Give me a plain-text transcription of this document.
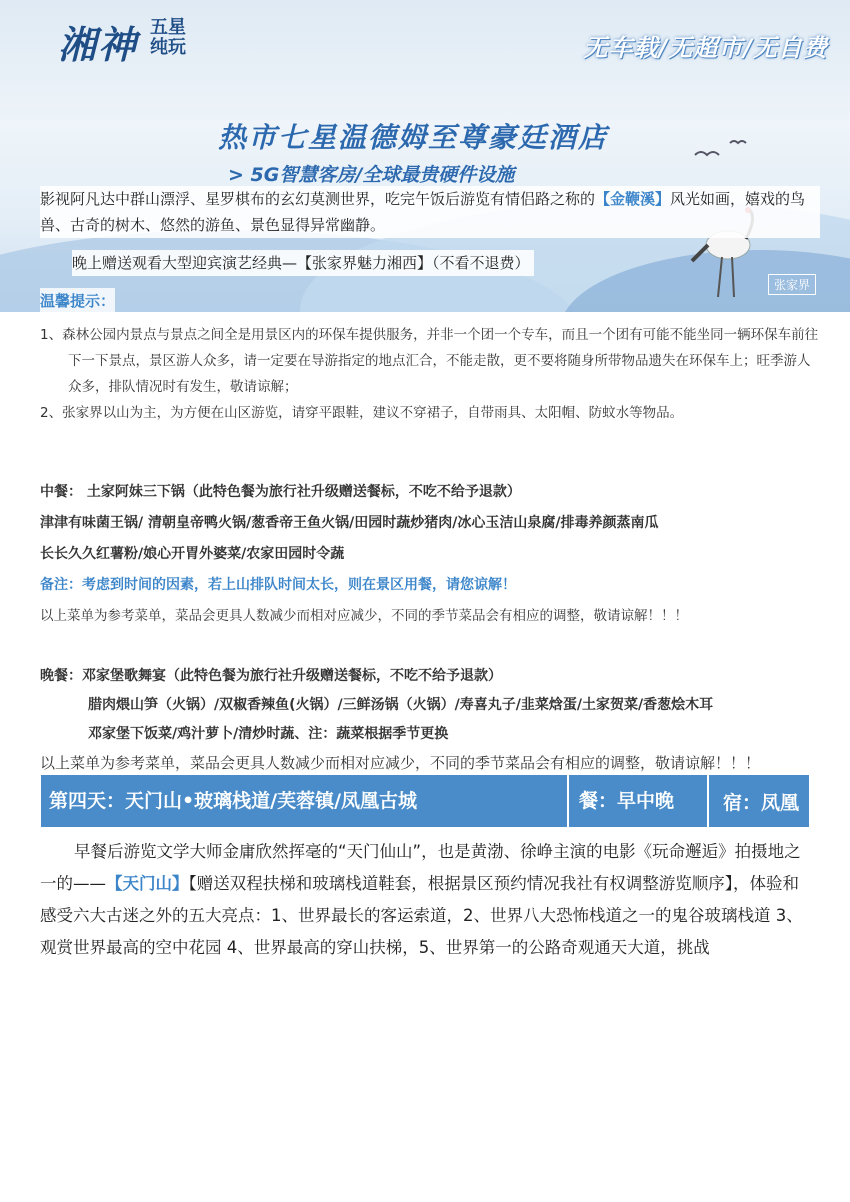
湘神 五星纯玩	无车载/无超市/无自费
热市七星温德姆至尊豪廷酒店
> 5G智慧客房/全球最贵硬件设施
张家界
影视阿凡达中群山漂浮、星罗棋布的玄幻莫测世界，吃完午饭后游览有情侣路之称的【金鞭溪】风光如画，嬉戏的鸟兽、古奇的树木、悠然的游鱼、景色显得异常幽静。
晚上赠送观看大型迎宾演艺经典—【张家界魅力湘西】（不看不退费）
温馨提示：
1、森林公园内景点与景点之间全是用景区内的环保车提供服务，并非一个团一个专车，而且一个团有可能不能坐同一辆环保车前往下一下景点，景区游人众多，请一定要在导游指定的地点汇合，不能走散，更不要将随身所带物品遗失在环保车上；旺季游人众多，排队情况时有发生，敬请谅解；
2、张家界以山为主，为方便在山区游览，请穿平跟鞋，建议不穿裙子，自带雨具、太阳帽、防蚊水等物品。
中餐： 土家阿妹三下锅（此特色餐为旅行社升级赠送餐标，不吃不给予退款）
津津有味菌王锅/ 清朝皇帝鸭火锅/葱香帝王鱼火锅/田园时蔬炒猪肉/冰心玉洁山泉腐/排毒养颜蒸南瓜
长长久久红薯粉/娘心开胃外婆菜/农家田园时令蔬
备注：考虑到时间的因素，若上山排队时间太长，则在景区用餐，请您谅解！
以上菜单为参考菜单，菜品会更具人数减少而相对应减少，不同的季节菜品会有相应的调整，敬请谅解！！！
晚餐：邓家堡歌舞宴（此特色餐为旅行社升级赠送餐标，不吃不给予退款）
腊肉煨山笋（火锅）/双椒香辣鱼(火锅）/三鲜汤锅（火锅）/寿喜丸子/韭菜焓蛋/土家贺菜/香葱烩木耳
邓家堡下饭菜/鸡汁萝卜/清炒时蔬、注：蔬菜根据季节更换
以上菜单为参考菜单，菜品会更具人数减少而相对应减少，不同的季节菜品会有相应的调整，敬请谅解！！！
第四天：天门山•玻璃栈道/芙蓉镇/凤凰古城	餐：早中晚	宿：凤凰
早餐后游览文学大师金庸欣然挥毫的“天门仙山”，也是黄渤、徐峥主演的电影《玩命邂逅》拍摄地之一的——【天门山】【赠送双程扶梯和玻璃栈道鞋套，根据景区预约情况我社有权调整游览顺序】，体验和感受六大古迷之外的五大亮点：1、世界最长的客运索道，2、世界八大恐怖栈道之一的鬼谷玻璃栈道 3、观赏世界最高的空中花园 4、世界最高的穿山扶梯，5、世界第一的公路奇观通天大道，挑战
